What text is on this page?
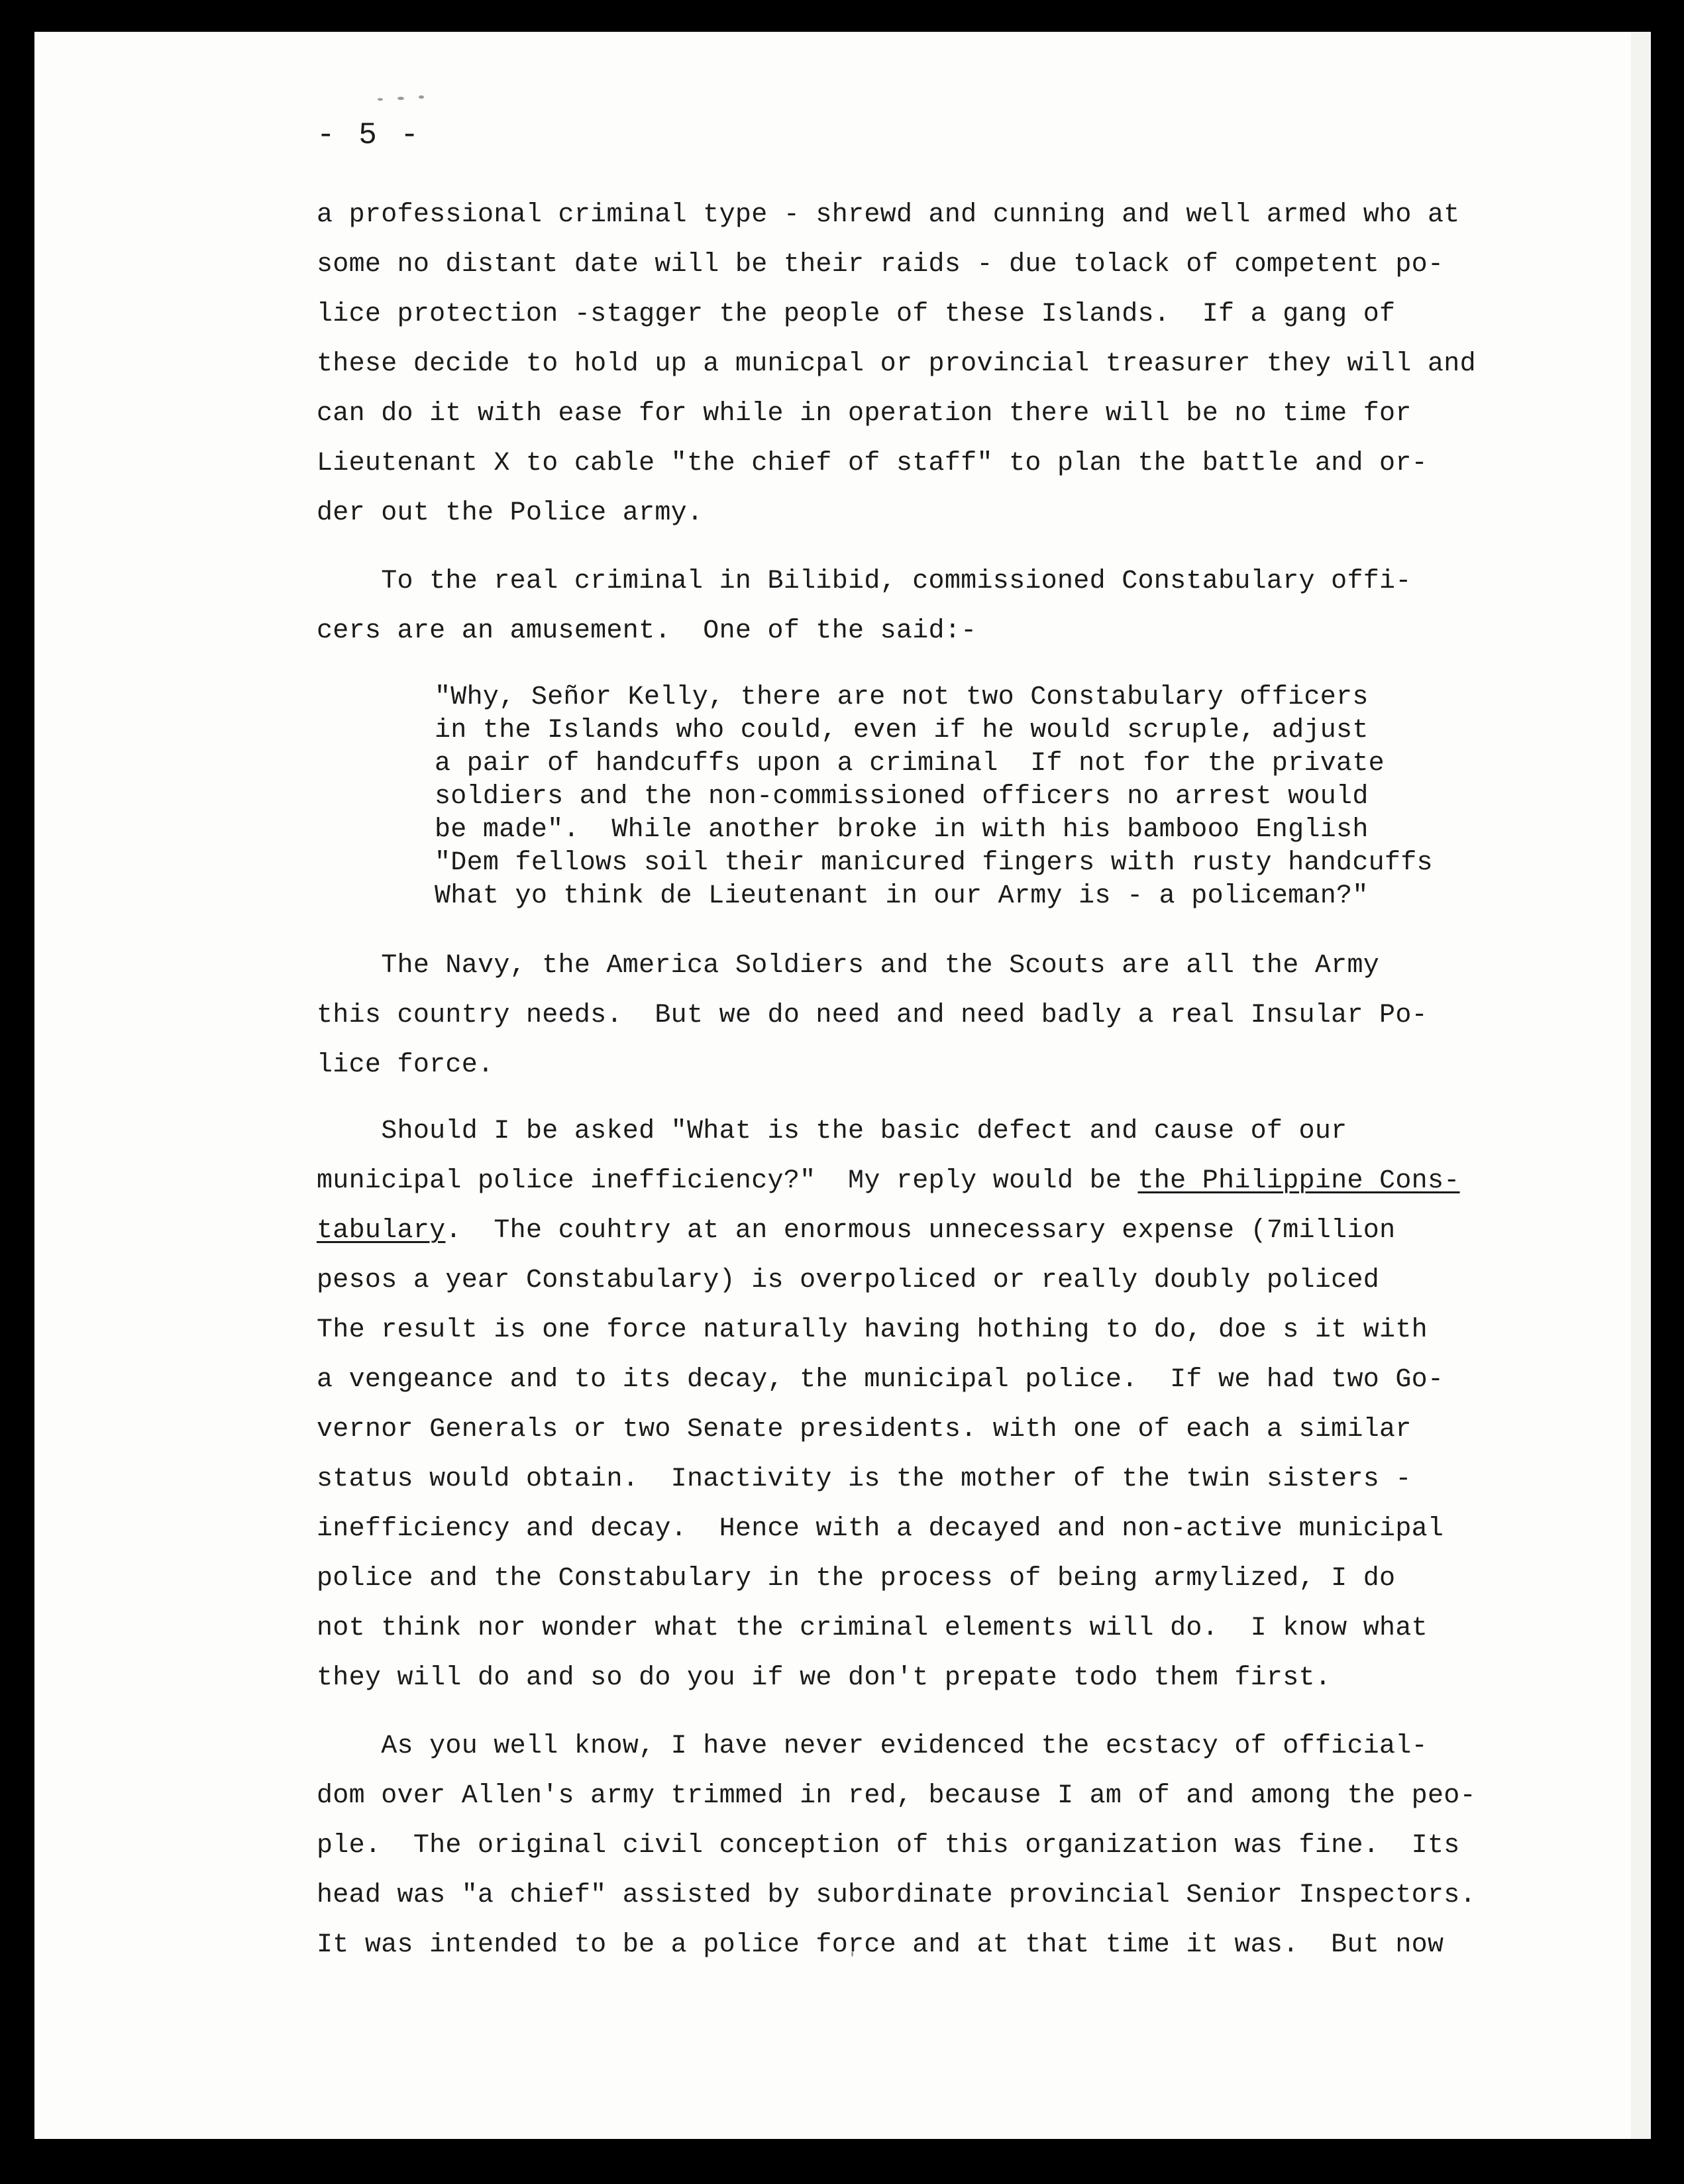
- 5 -
a professional criminal type - shrewd and cunning and well armed who at
some no distant date will be their raids - due tolack of competent po-
lice protection -stagger the people of these Islands.  If a gang of
these decide to hold up a municpal or provincial treasurer they will and
can do it with ease for while in operation there will be no time for
Lieutenant X to cable "the chief of staff" to plan the battle and or-
der out the Police army.
To the real criminal in Bilibid, commissioned Constabulary offi-
cers are an amusement.  One of the said:-
"Why, Señor Kelly, there are not two Constabulary officers
in the Islands who could, even if he would scruple, adjust
a pair of handcuffs upon a criminal  If not for the private
soldiers and the non-commissioned officers no arrest would
be made".  While another broke in with his bambooo English
"Dem fellows soil their manicured fingers with rusty handcuffs
What yo think de Lieutenant in our Army is - a policeman?"
The Navy, the America Soldiers and the Scouts are all the Army
this country needs.  But we do need and need badly a real Insular Po-
lice force.
Should I be asked "What is the basic defect and cause of our
municipal police inefficiency?"  My reply would be the Philippine Cons-
tabulary.  The couhtry at an enormous unnecessary expense (7million
pesos a year Constabulary) is overpoliced or really doubly policed
The result is one force naturally having hothing to do, doe s it with
a vengeance and to its decay, the municipal police.  If we had two Go-
vernor Generals or two Senate presidents. with one of each a similar
status would obtain.  Inactivity is the mother of the twin sisters -
inefficiency and decay.  Hence with a decayed and non-active municipal
police and the Constabulary in the process of being armylized, I do
not think nor wonder what the criminal elements will do.  I know what
they will do and so do you if we don't prepate todo them first.
As you well know, I have never evidenced the ecstacy of official-
dom over Allen's army trimmed in red, because I am of and among the peo-
ple.  The original civil conception of this organization was fine.  Its
head was "a chief" assisted by subordinate provincial Senior Inspectors.
It was intended to be a police force and at that time it was.  But now
